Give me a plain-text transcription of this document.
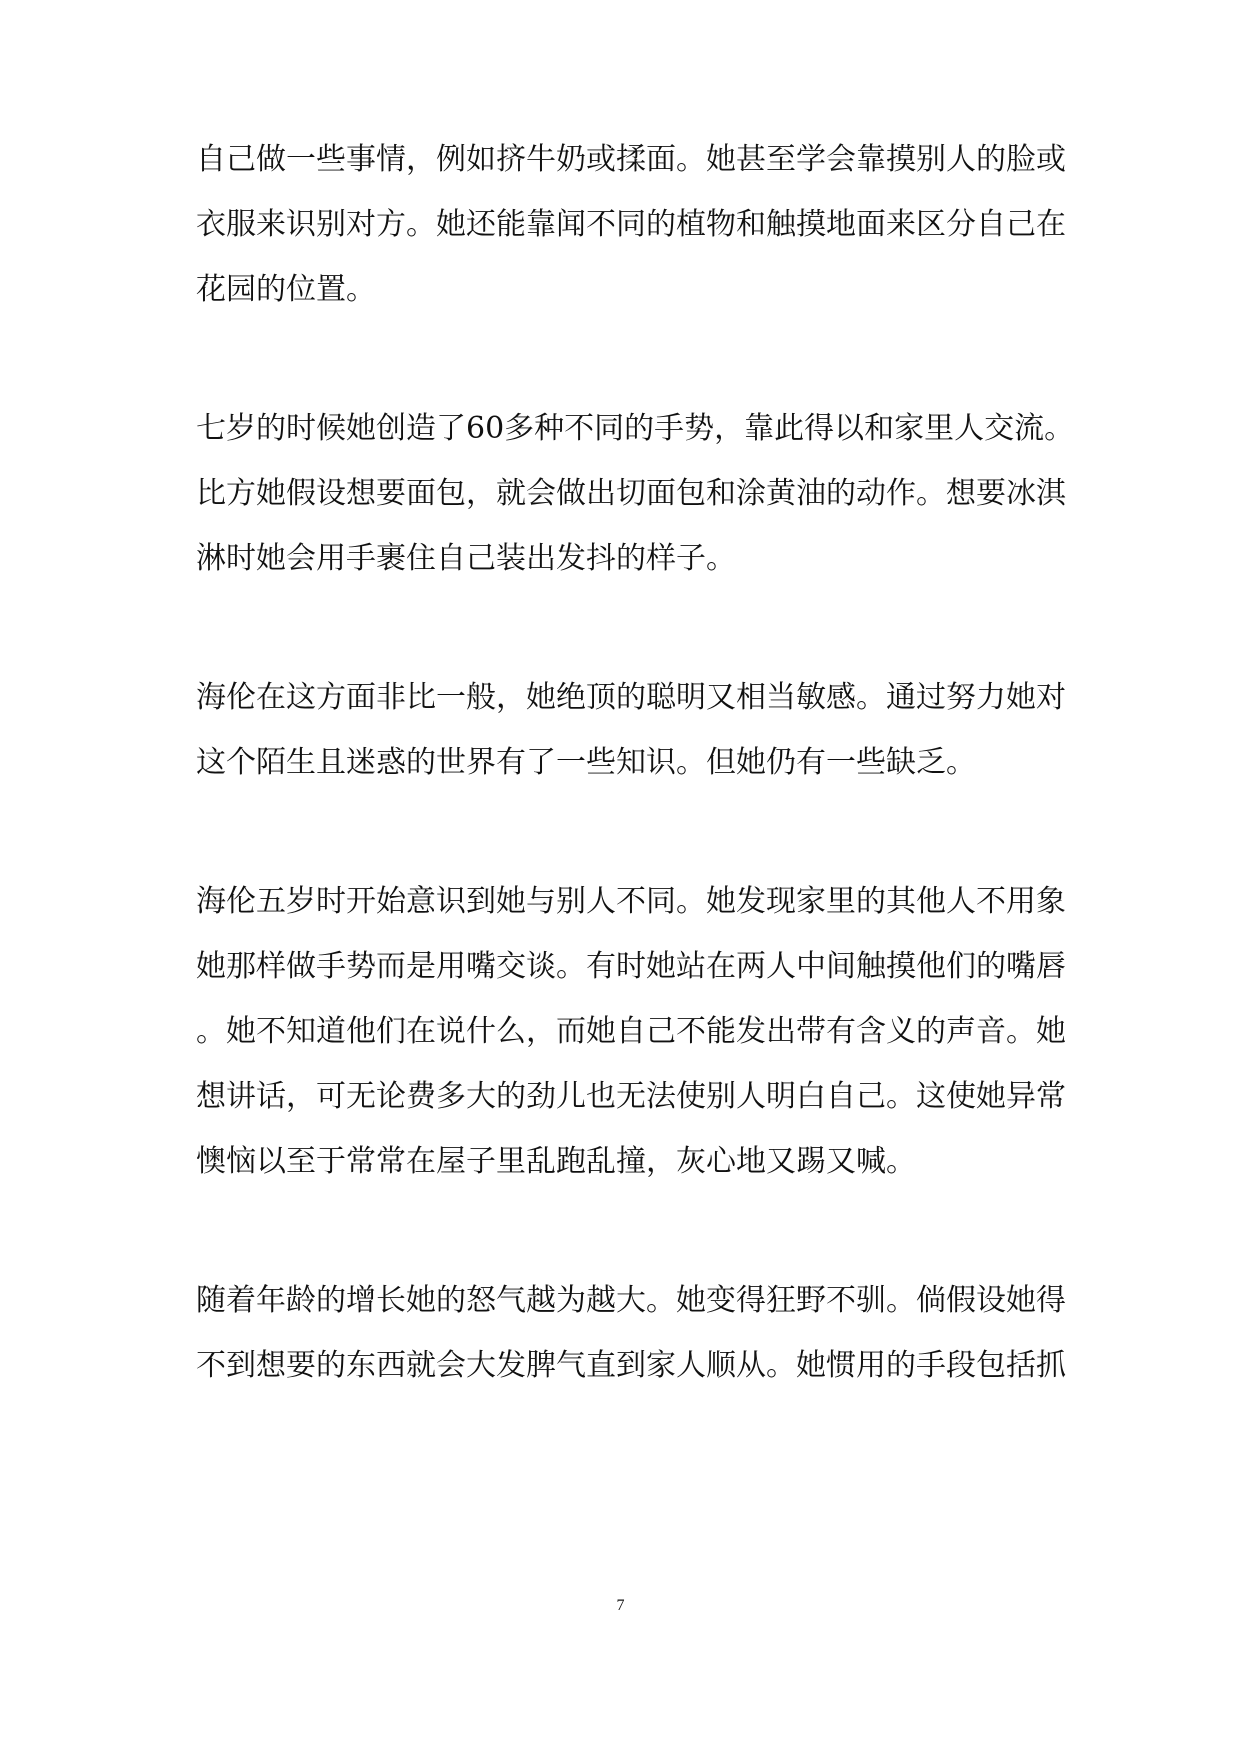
自己做一些事情，例如挤牛奶或揉面。她甚至学会靠摸别人的脸或
衣服来识别对方。她还能靠闻不同的植物和触摸地面来区分自己在
花园的位置。
七岁的时候她创造了60多种不同的手势，靠此得以和家里人交流。
比方她假设想要面包，就会做出切面包和涂黄油的动作。想要冰淇
淋时她会用手裹住自己装出发抖的样子。
海伦在这方面非比一般，她绝顶的聪明又相当敏感。通过努力她对
这个陌生且迷惑的世界有了一些知识。但她仍有一些缺乏。
海伦五岁时开始意识到她与别人不同。她发现家里的其他人不用象
她那样做手势而是用嘴交谈。有时她站在两人中间触摸他们的嘴唇
。她不知道他们在说什么，而她自己不能发出带有含义的声音。她
想讲话，可无论费多大的劲儿也无法使别人明白自己。这使她异常
懊恼以至于常常在屋子里乱跑乱撞，灰心地又踢又喊。
随着年龄的增长她的怒气越为越大。她变得狂野不驯。倘假设她得
不到想要的东西就会大发脾气直到家人顺从。她惯用的手段包括抓
7
